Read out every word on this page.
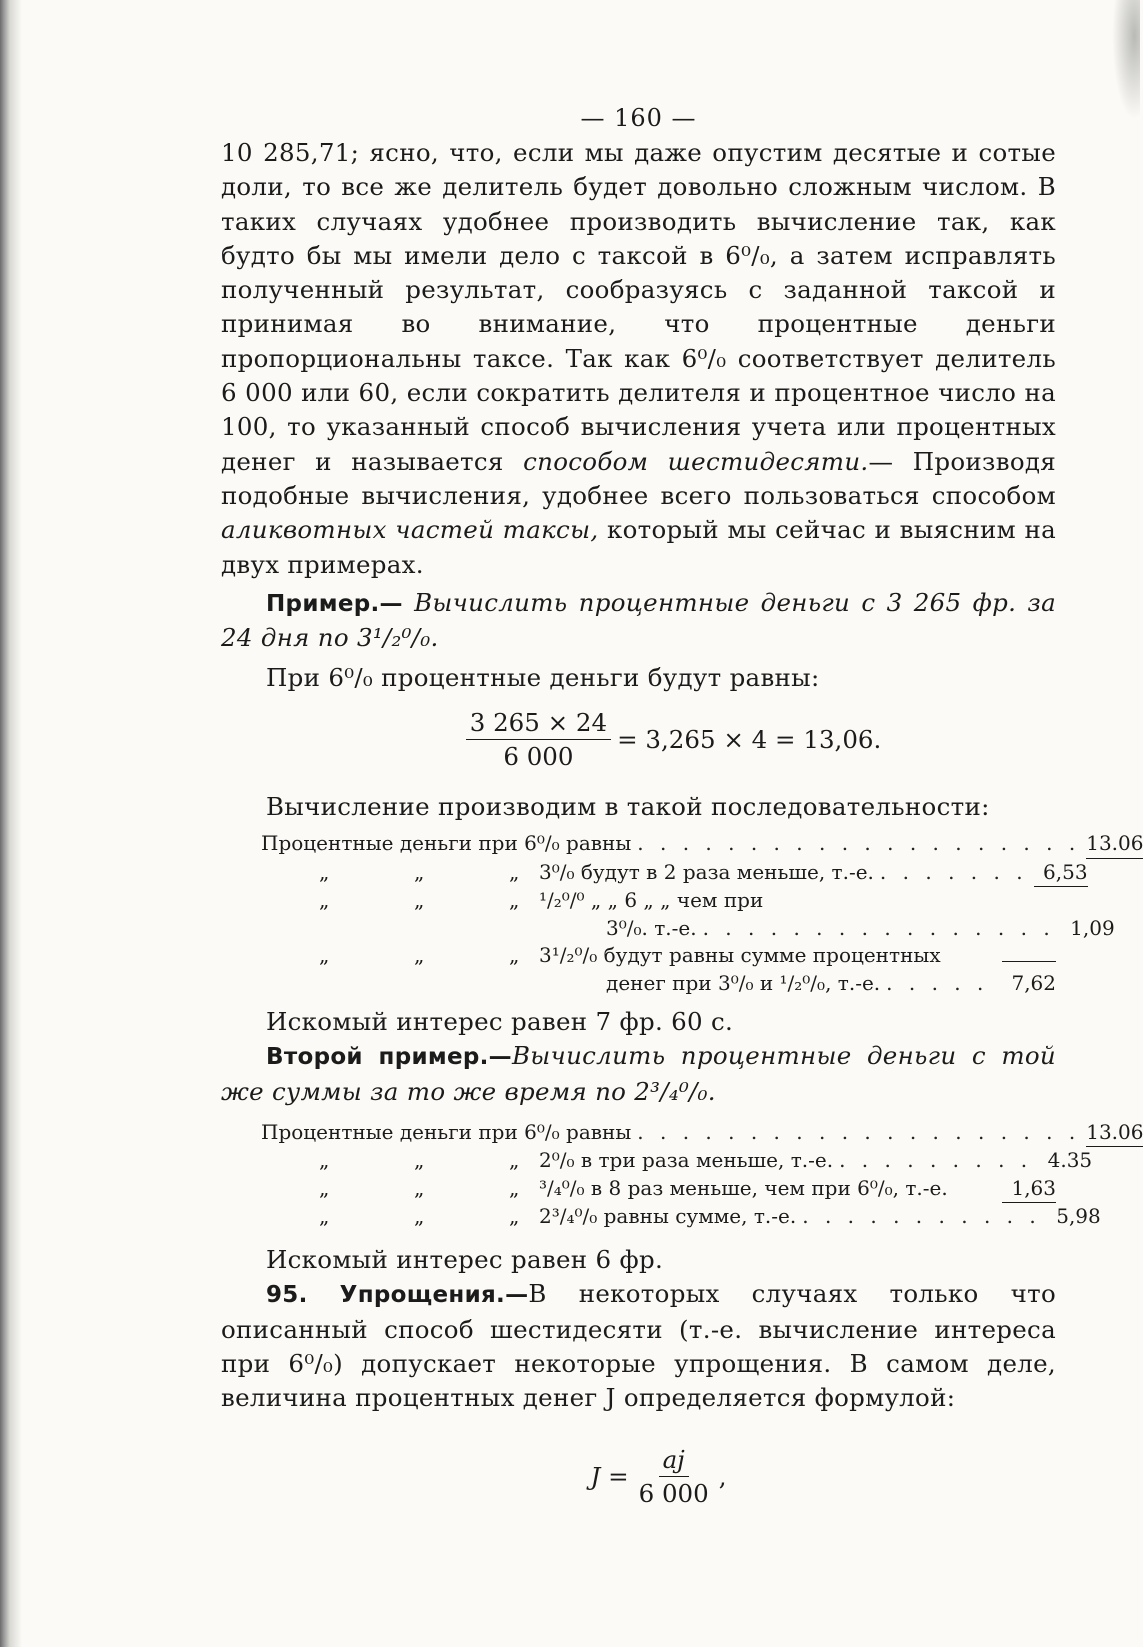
— 160 —

10 285,71; ясно, что, если мы даже опустим десятые и сотые доли, то все же делитель будет довольно сложным числом. В таких случаях удобнее производить вычисление так, как будто бы мы имели дело с таксой в 6⁰/₀, а затем исправлять полученный результат, сообразуясь с заданной таксой и принимая во внимание, что процентные деньги пропорциональны таксе. Так как 6⁰/₀ соответствует делитель 6 000 или 60, если сократить делителя и процентное число на 100, то указанный способ вычисления учета или процентных денег и называется способом шестидесяти.— Производя подобные вычисления, удобнее всего пользоваться способом аликвотных частей таксы, который мы сейчас и выясним на двух примерах.

Пример.— Вычислить процентные деньги с 3 265 фр. за 24 дня по 3¹/₂⁰/₀.

При 6⁰/₀ процентные деньги будут равны:

$\frac{3 265 \times 24}{6 000} = 3,265 \times 4 = 13,06$.

Вычисление производим в такой последовательности:

Процентные деньги при 6⁰/₀ равны . . . . . . . . . . . . . . . . . . . . 13.06
„	„	„ 3⁰/₀ будут в 2 раза меньше, т.-е. . . . . . . . 6,53
„	„	„ ¹/₂⁰/⁰ „ „ 6 „ „ чем при
3⁰/₀. т.-е. . . . . . . . . . . . . . . . . 1,09
„	„	„ 3¹/₂⁰/₀ будут равны сумме процентных
денег при 3⁰/₀ и ¹/₂⁰/₀, т.-е. . . . . .	7,62

Искомый интерес равен 7 фр. 60 с.

Второй пример.—Вычислить процентные деньги с той же суммы за то же время по 2³/₄⁰/₀.

Процентные деньги при 6⁰/₀ равны . . . . . . . . . . . . . . . . . . . . 13.06
„	„	„ 2⁰/₀ в три раза меньше, т.-е. . . . . . . . . . 4.35
„	„	„ ³/₄⁰/₀ в 8 раз меньше, чем при 6⁰/₀, т.-е.	1,63
„	„	„ 2³/₄⁰/₀ равны сумме, т.-е. . . . . . . . . . . . 5,98

Искомый интерес равен 6 фр.

95. Упрощения.—В некоторых случаях только что описанный способ шестидесяти (т.-е. вычисление интереса при 6⁰/₀) допускает некоторые упрощения. В самом деле, величина процентных денег J определяется формулой:

$J = \frac{aj}{6 000}$ ,
